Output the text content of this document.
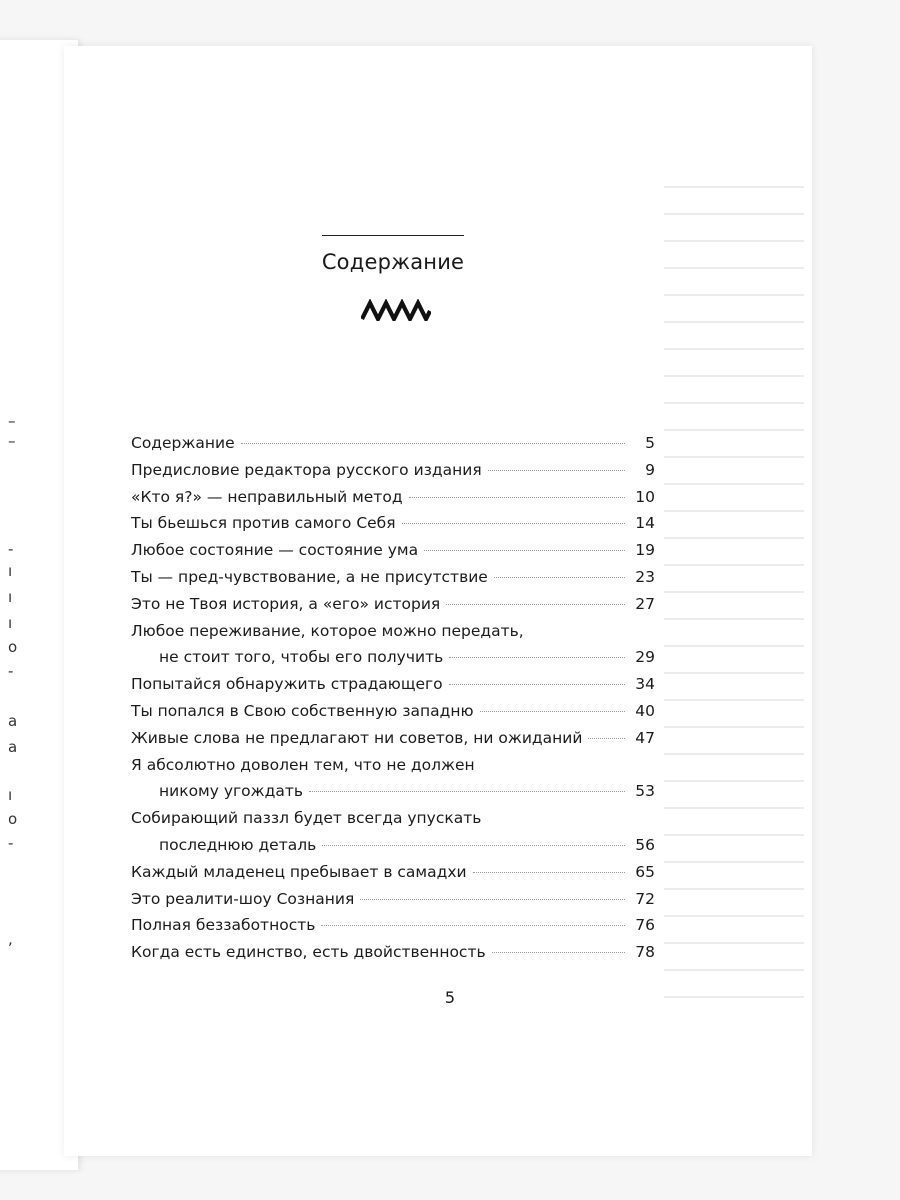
–
–
-
ı
ı
ı
о
-
а
а
ı
о
-
,
Содержание
Содержание	5
Предисловие редактора русского издания	9
«Кто я?» — неправильный метод	10
Ты бьешься против самого Себя	14
Любое состояние — состояние ума	19
Ты — пред-чувствование, а не присутствие	23
Это не Твоя история, а «его» история	27
Любое переживание, которое можно передать,
не стоит того, чтобы его получить	29
Попытайся обнаружить страдающего	34
Ты попался в Свою собственную западню	40
Живые слова не предлагают ни советов, ни ожиданий	47
Я абсолютно доволен тем, что не должен
никому угождать	53
Собирающий паззл будет всегда упускать
последнюю деталь	56
Каждый младенец пребывает в самадхи	65
Это реалити-шоу Сознания	72
Полная беззаботность	76
Когда есть единство, есть двойственность	78
5
